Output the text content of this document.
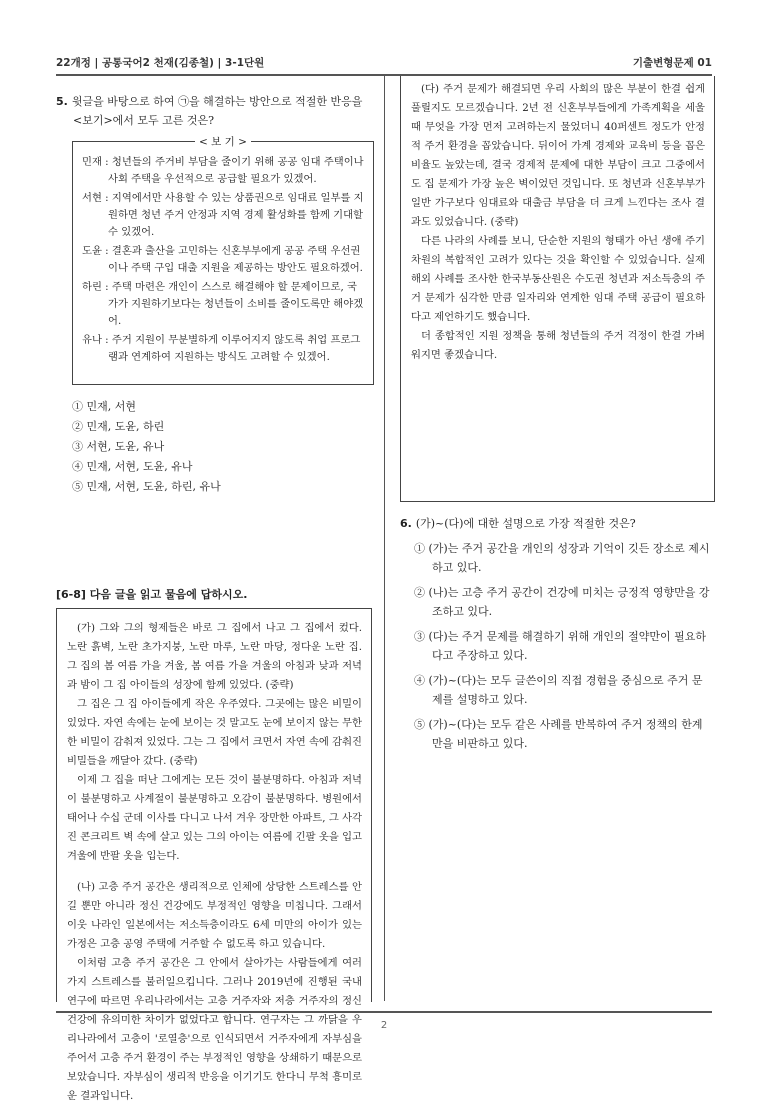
22개정 | 공통국어2 천재(김종철) | 3-1단원	기출변형문제 01
5. 윗글을 바탕으로 하여 ㉠을 해결하는 방안으로 적절한 반응을 <보기>에서 모두 고른 것은?
< 보 기 >
민재 : 청년들의 주거비 부담을 줄이기 위해 공공 임대 주택이나 사회 주택을 우선적으로 공급할 필요가 있겠어.
서현 : 지역에서만 사용할 수 있는 상품권으로 임대료 일부를 지원하면 청년 주거 안정과 지역 경제 활성화를 함께 기대할 수 있겠어.
도윤 : 결혼과 출산을 고민하는 신혼부부에게 공공 주택 우선권이나 주택 구입 대출 지원을 제공하는 방안도 필요하겠어.
하린 : 주택 마련은 개인이 스스로 해결해야 할 문제이므로, 국가가 지원하기보다는 청년들이 소비를 줄이도록만 해야겠어.
유나 : 주거 지원이 무분별하게 이루어지지 않도록 취업 프로그램과 연계하여 지원하는 방식도 고려할 수 있겠어.
① 민재, 서현
② 민재, 도윤, 하린
③ 서현, 도윤, 유나
④ 민재, 서현, 도윤, 유나
⑤ 민재, 서현, 도윤, 하린, 유나
[6-8] 다음 글을 읽고 물음에 답하시오.
(가) 그와 그의 형제들은 바로 그 집에서 나고 그 집에서 컸다. 노란 흙벽, 노란 초가지붕, 노란 마루, 노란 마당, 정다운 노란 집. 그 집의 봄 여름 가을 겨울, 봄 여름 가을 겨울의 아침과 낮과 저녁과 밤이 그 집 아이들의 성장에 함께 있었다. (중략)
그 집은 그 집 아이들에게 작은 우주였다. 그곳에는 많은 비밀이 있었다. 자연 속에는 눈에 보이는 것 말고도 눈에 보이지 않는 무한한 비밀이 감춰져 있었다. 그는 그 집에서 크면서 자연 속에 감춰진 비밀들을 깨달아 갔다. (중략)
이제 그 집을 떠난 그에게는 모든 것이 불분명하다. 아침과 저녁이 불분명하고 사계절이 불분명하고 오감이 불분명하다. 병원에서 태어나 수십 군데 이사를 다니고 나서 겨우 장만한 아파트, 그 사각진 콘크리트 벽 속에 살고 있는 그의 아이는 여름에 긴팔 옷을 입고 겨울에 반팔 옷을 입는다.
(나) 고층 주거 공간은 생리적으로 인체에 상당한 스트레스를 안길 뿐만 아니라 정신 건강에도 부정적인 영향을 미칩니다. 그래서 이웃 나라인 일본에서는 저소득층이라도 6세 미만의 아이가 있는 가정은 고층 공영 주택에 거주할 수 없도록 하고 있습니다.
이처럼 고층 주거 공간은 그 안에서 살아가는 사람들에게 여러 가지 스트레스를 불러일으킵니다. 그러나 2019년에 진행된 국내 연구에 따르면 우리나라에서는 고층 거주자와 저층 거주자의 정신 건강에 유의미한 차이가 없었다고 합니다. 연구자는 그 까닭을 우리나라에서 고층이 '로열층'으로 인식되면서 거주자에게 자부심을 주어서 고층 주거 환경이 주는 부정적인 영향을 상쇄하기 때문으로 보았습니다. 자부심이 생리적 반응을 이기기도 한다니 무척 흥미로운 결과입니다.
(다) 주거 문제가 해결되면 우리 사회의 많은 부분이 한결 쉽게 풀릴지도 모르겠습니다. 2년 전 신혼부부들에게 가족계획을 세울 때 무엇을 가장 먼저 고려하는지 물었더니 40퍼센트 정도가 안정적 주거 환경을 꼽았습니다. 뒤이어 가계 경제와 교육비 등을 꼽은 비율도 높았는데, 결국 경제적 문제에 대한 부담이 크고 그중에서도 집 문제가 가장 높은 벽이었던 것입니다. 또 청년과 신혼부부가 일반 가구보다 임대료와 대출금 부담을 더 크게 느낀다는 조사 결과도 있었습니다. (중략)
다른 나라의 사례를 보니, 단순한 지원의 형태가 아닌 생애 주기 차원의 복합적인 고려가 있다는 것을 확인할 수 있었습니다. 실제 해외 사례를 조사한 한국부동산원은 수도권 청년과 저소득층의 주거 문제가 심각한 만큼 일자리와 연계한 임대 주택 공급이 필요하다고 제언하기도 했습니다.
더 종합적인 지원 정책을 통해 청년들의 주거 걱정이 한결 가벼워지면 좋겠습니다.
6. (가)~(다)에 대한 설명으로 가장 적절한 것은?
① (가)는 주거 공간을 개인의 성장과 기억이 깃든 장소로 제시하고 있다.
② (나)는 고층 주거 공간이 건강에 미치는 긍정적 영향만을 강조하고 있다.
③ (다)는 주거 문제를 해결하기 위해 개인의 절약만이 필요하다고 주장하고 있다.
④ (가)~(다)는 모두 글쓴이의 직접 경험을 중심으로 주거 문제를 설명하고 있다.
⑤ (가)~(다)는 모두 같은 사례를 반복하여 주거 정책의 한계만을 비판하고 있다.
2
